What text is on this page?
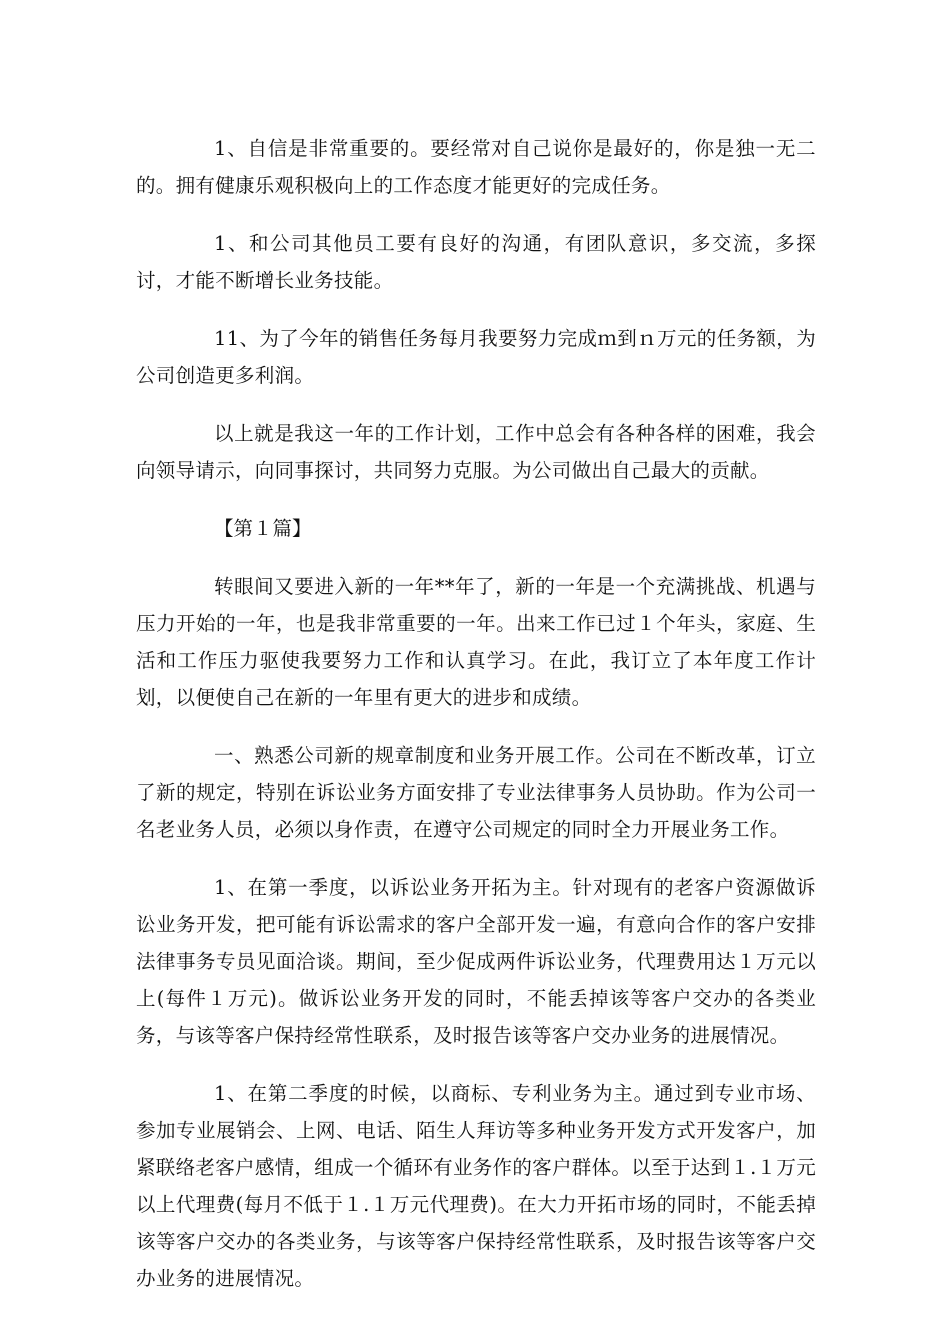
1、自信是非常重要的。要经常对自己说你是最好的，你是独一无二的。拥有健康乐观积极向上的工作态度才能更好的完成任务。

1、和公司其他员工要有良好的沟通，有团队意识，多交流，多探讨，才能不断增长业务技能。

11、为了今年的销售任务每月我要努力完成ｍ到ｎ万元的任务额，为公司创造更多利润。

以上就是我这一年的工作计划，工作中总会有各种各样的困难，我会向领导请示，向同事探讨，共同努力克服。为公司做出自己最大的贡献。

【第１篇】

转眼间又要进入新的一年**年了，新的一年是一个充满挑战、机遇与压力开始的一年，也是我非常重要的一年。出来工作已过１个年头，家庭、生活和工作压力驱使我要努力工作和认真学习。在此，我订立了本年度工作计划，以便使自己在新的一年里有更大的进步和成绩。

一、熟悉公司新的规章制度和业务开展工作。公司在不断改革，订立了新的规定，特别在诉讼业务方面安排了专业法律事务人员协助。作为公司一名老业务人员，必须以身作责，在遵守公司规定的同时全力开展业务工作。

1、在第一季度，以诉讼业务开拓为主。针对现有的老客户资源做诉讼业务开发，把可能有诉讼需求的客户全部开发一遍，有意向合作的客户安排法律事务专员见面洽谈。期间，至少促成两件诉讼业务，代理费用达１万元以上(每件１万元)。做诉讼业务开发的同时，不能丢掉该等客户交办的各类业务，与该等客户保持经常性联系，及时报告该等客户交办业务的进展情况。

1、在第二季度的时候，以商标、专利业务为主。通过到专业市场、参加专业展销会、上网、电话、陌生人拜访等多种业务开发方式开发客户，加紧联络老客户感情，组成一个循环有业务作的客户群体。以至于达到１.１万元以上代理费(每月不低于１.１万元代理费)。在大力开拓市场的同时，不能丢掉该等客户交办的各类业务，与该等客户保持经常性联系，及时报告该等客户交办业务的进展情况。
